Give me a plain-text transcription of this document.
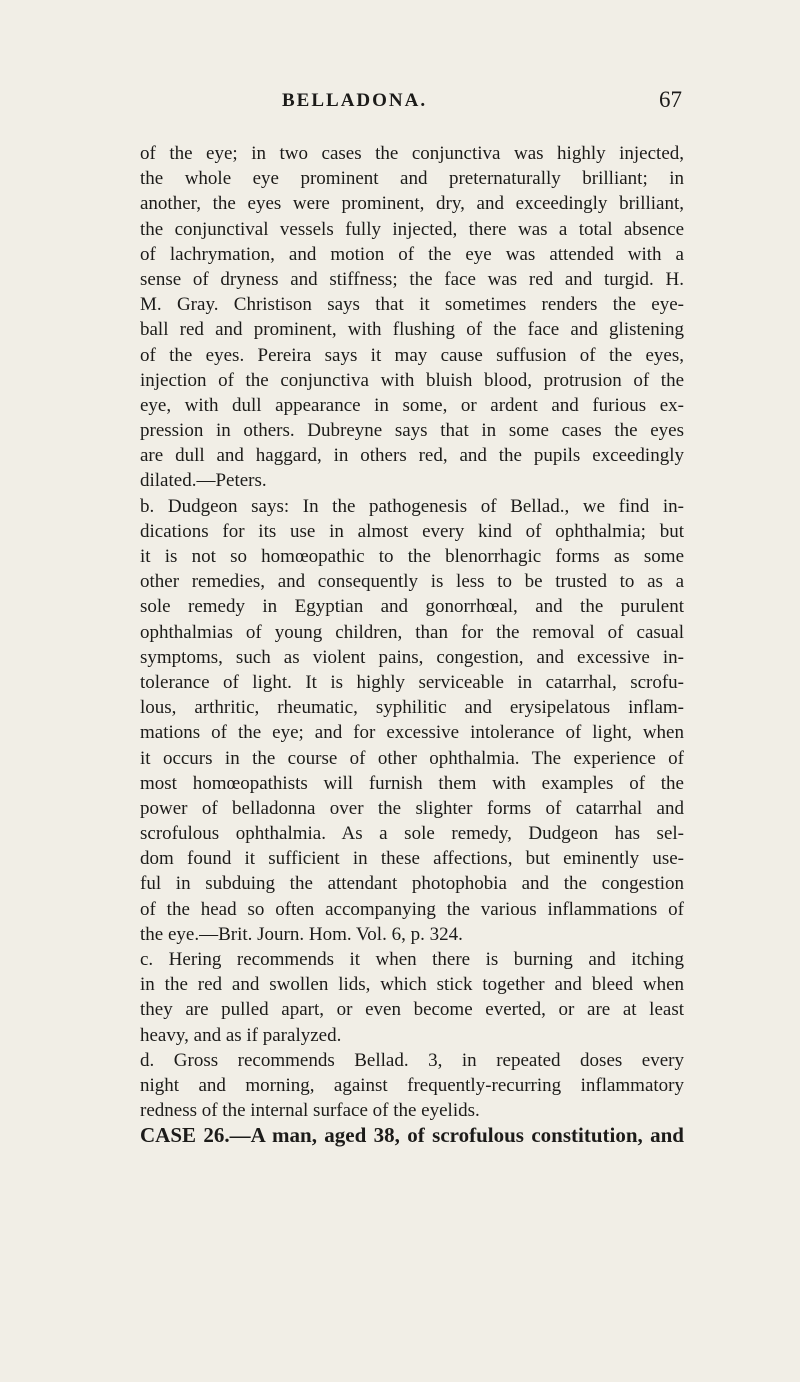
BELLADONA.	67
of the eye; in two cases the conjunctiva was highly injected,
the whole eye prominent and preternaturally brilliant; in
another, the eyes were prominent, dry, and exceedingly brilliant,
the conjunctival vessels fully injected, there was a total absence
of lachrymation, and motion of the eye was attended with a
sense of dryness and stiffness; the face was red and turgid. H.
M. Gray. Christison says that it sometimes renders the eye-
ball red and prominent, with flushing of the face and glistening
of the eyes. Pereira says it may cause suffusion of the eyes,
injection of the conjunctiva with bluish blood, protrusion of the
eye, with dull appearance in some, or ardent and furious ex-
pression in others. Dubreyne says that in some cases the eyes
are dull and haggard, in others red, and the pupils exceedingly
dilated.—Peters.
b. Dudgeon says: In the pathogenesis of Bellad., we find in-
dications for its use in almost every kind of ophthalmia; but
it is not so homœopathic to the blenorrhagic forms as some
other remedies, and consequently is less to be trusted to as a
sole remedy in Egyptian and gonorrhœal, and the purulent
ophthalmias of young children, than for the removal of casual
symptoms, such as violent pains, congestion, and excessive in-
tolerance of light. It is highly serviceable in catarrhal, scrofu-
lous, arthritic, rheumatic, syphilitic and erysipelatous inflam-
mations of the eye; and for excessive intolerance of light, when
it occurs in the course of other ophthalmia. The experience of
most homœopathists will furnish them with examples of the
power of belladonna over the slighter forms of catarrhal and
scrofulous ophthalmia. As a sole remedy, Dudgeon has sel-
dom found it sufficient in these affections, but eminently use-
ful in subduing the attendant photophobia and the congestion
of the head so often accompanying the various inflammations of
the eye.—Brit. Journ. Hom. Vol. 6, p. 324.
c. Hering recommends it when there is burning and itching
in the red and swollen lids, which stick together and bleed when
they are pulled apart, or even become everted, or are at least
heavy, and as if paralyzed.
d. Gross recommends Bellad. 3, in repeated doses every
night and morning, against frequently-recurring inflammatory
redness of the internal surface of the eyelids.
CASE 26.—A man, aged 38, of scrofulous constitution, and
